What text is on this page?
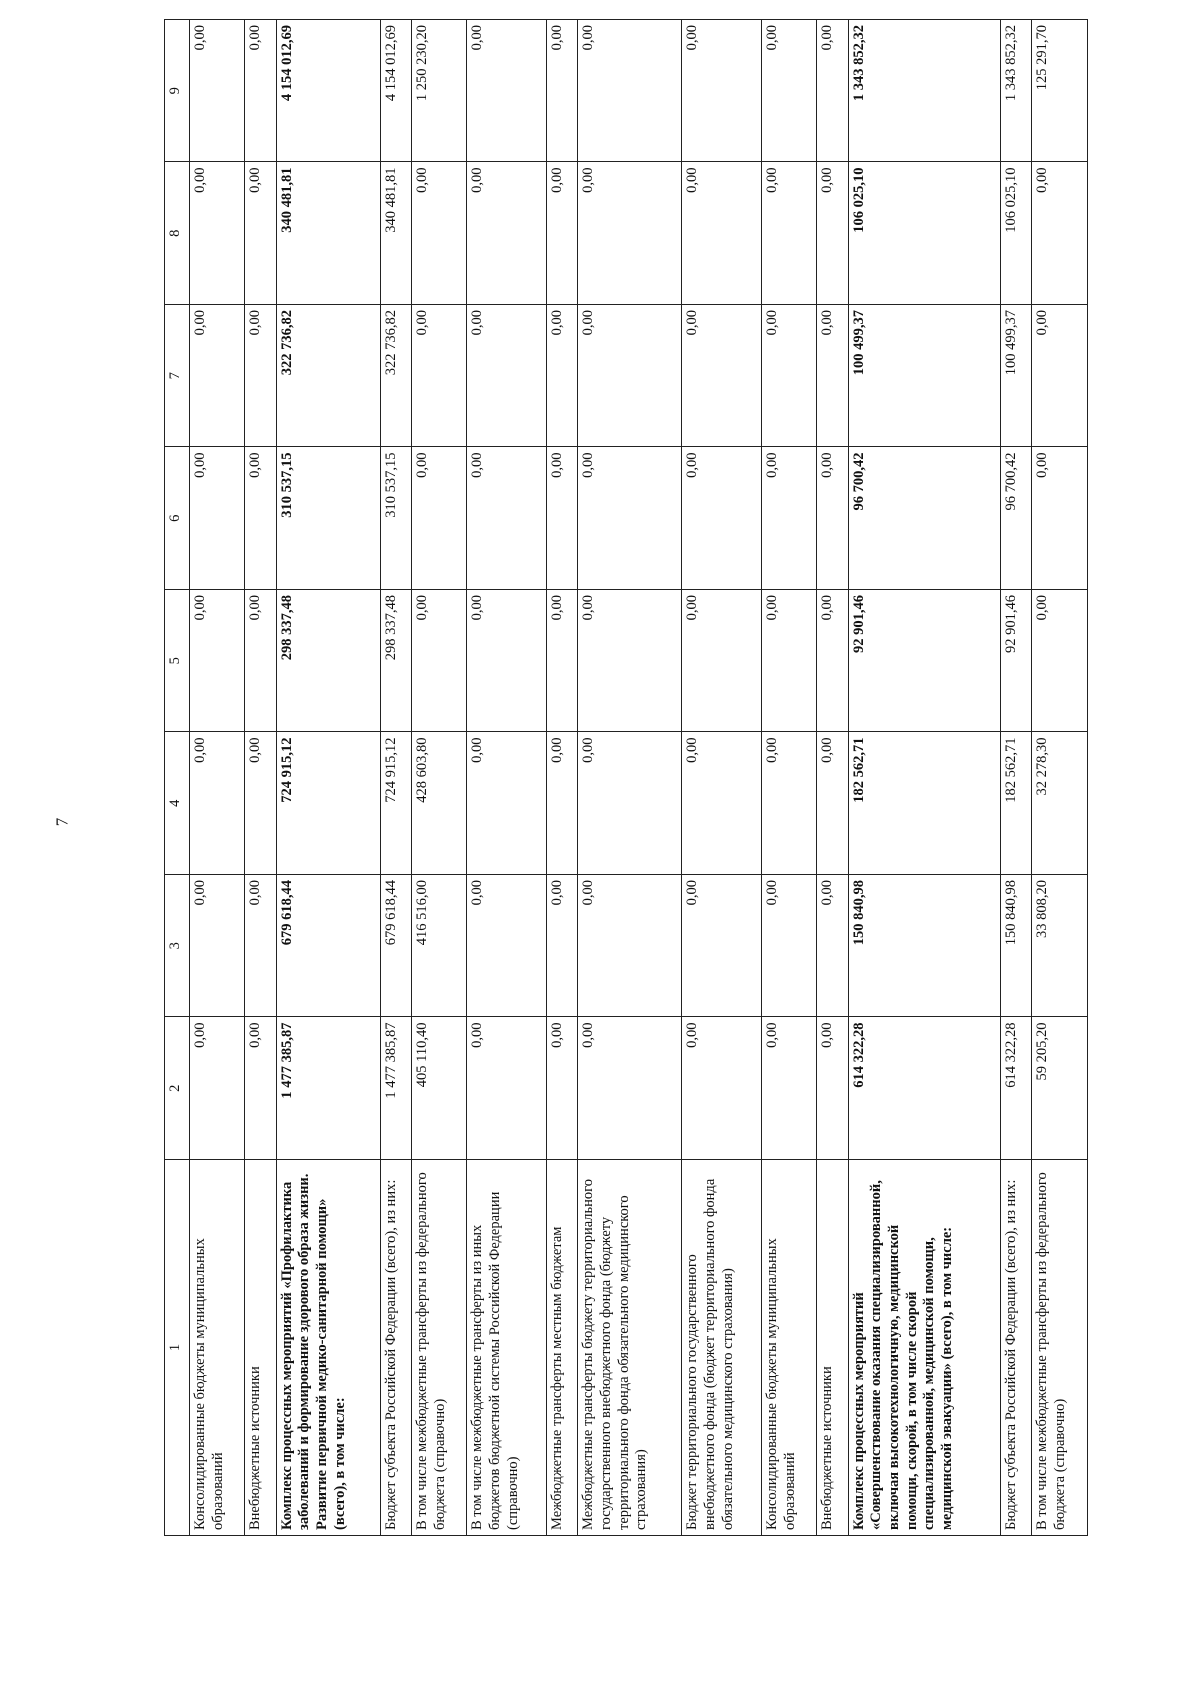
7
1	2	3	4	5	6	7	8	9
Консолидированные бюджеты муниципальных образований	0,00	0,00	0,00	0,00	0,00	0,00	0,00	0,00
Внебюджетные источники	0,00	0,00	0,00	0,00	0,00	0,00	0,00	0,00
Комплекс процессных мероприятий «Профилактика заболеваний и формирование здорового образа жизни. Развитие первичной медико-санитарной помощи» (всего), в том числе:	1 477 385,87	679 618,44	724 915,12	298 337,48	310 537,15	322 736,82	340 481,81	4 154 012,69
Бюджет субъекта Российской Федерации (всего), из них:	1 477 385,87	679 618,44	724 915,12	298 337,48	310 537,15	322 736,82	340 481,81	4 154 012,69
В том числе межбюджетные трансферты из федерального бюджета (справочно)	405 110,40	416 516,00	428 603,80	0,00	0,00	0,00	0,00	1 250 230,20
В том числе межбюджетные трансферты из иных бюджетов бюджетной системы Российской Федерации (справочно)	0,00	0,00	0,00	0,00	0,00	0,00	0,00	0,00
Межбюджетные трансферты местным бюджетам	0,00	0,00	0,00	0,00	0,00	0,00	0,00	0,00
Межбюджетные трансферты бюджету территориального государственного внебюджетного фонда (бюджету территориального фонда обязательного медицинского страхования)	0,00	0,00	0,00	0,00	0,00	0,00	0,00	0,00
Бюджет территориального государственного внебюджетного фонда (бюджет территориального фонда обязательного медицинского страхования)	0,00	0,00	0,00	0,00	0,00	0,00	0,00	0,00
Консолидированные бюджеты муниципальных образований	0,00	0,00	0,00	0,00	0,00	0,00	0,00	0,00
Внебюджетные источники	0,00	0,00	0,00	0,00	0,00	0,00	0,00	0,00
Комплекс процессных мероприятий «Совершенствование оказания специализированной, включая высокотехнологичную, медицинской помощи, скорой, в том числе скорой специализированной, медицинской помощи, медицинской эвакуации» (всего), в том числе:	614 322,28	150 840,98	182 562,71	92 901,46	96 700,42	100 499,37	106 025,10	1 343 852,32
Бюджет субъекта Российской Федерации (всего), из них:	614 322,28	150 840,98	182 562,71	92 901,46	96 700,42	100 499,37	106 025,10	1 343 852,32
В том числе межбюджетные трансферты из федерального бюджета (справочно)	59 205,20	33 808,20	32 278,30	0,00	0,00	0,00	0,00	125 291,70
